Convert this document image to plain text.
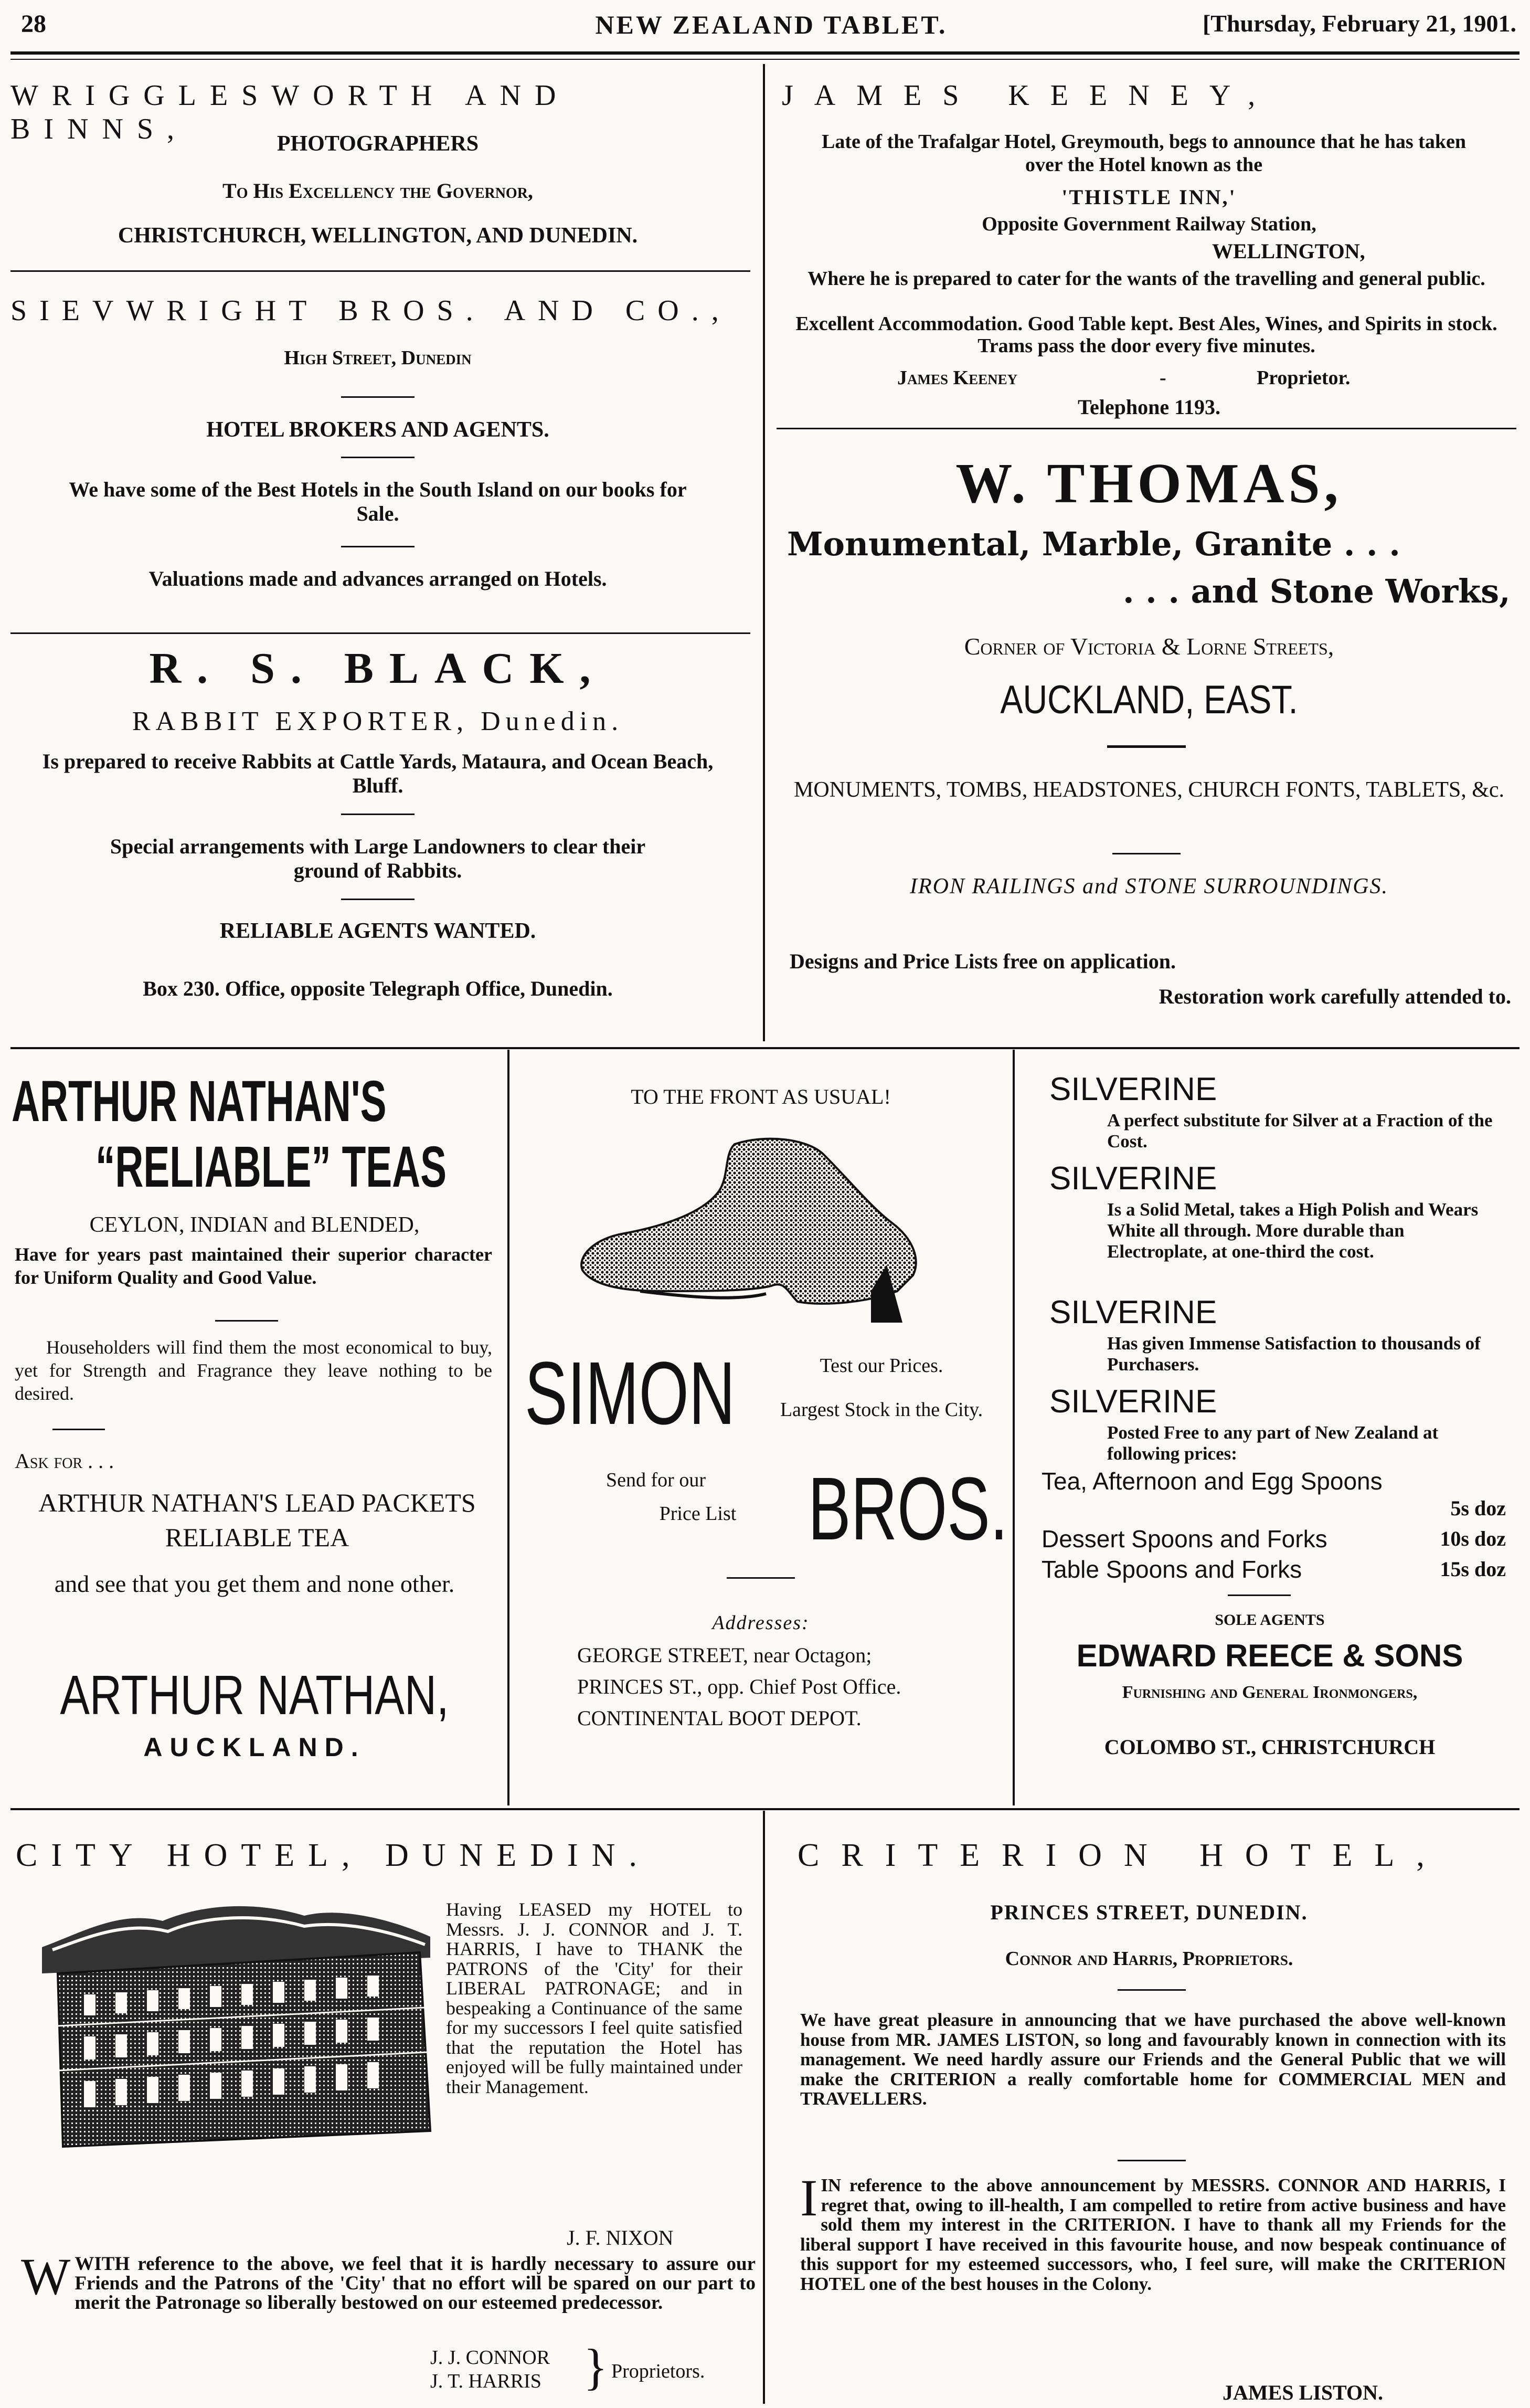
28	NEW ZEALAND TABLET.	[Thursday, February 21, 1901.
WRIGGLESWORTH AND BINNS,	PHOTOGRAPHERS
To His Excellency the Governor,
CHRISTCHURCH, WELLINGTON, AND DUNEDIN.
SIEVWRIGHT BROS. AND CO.,
High Street, Dunedin
HOTEL BROKERS AND AGENTS.
We have some of the Best Hotels in the South Island on our books for Sale.
Valuations made and advances arranged on Hotels.
R. S. BLACK,
RABBIT EXPORTER, Dunedin.
Is prepared to receive Rabbits at Cattle Yards, Mataura, and Ocean Beach, Bluff.
Special arrangements with Large Landowners to clear their ground of Rabbits.
RELIABLE AGENTS WANTED.
Box 230. Office, opposite Telegraph Office, Dunedin.
JAMES KEENEY,
Late of the Trafalgar Hotel, Greymouth, begs to announce that he has taken over the Hotel known as the
'THISTLE INN,'
Opposite Government Railway Station,
WELLINGTON,
Where he is prepared to cater for the wants of the travelling and general public.
Excellent Accommodation. Good Table kept. Best Ales, Wines, and Spirits in stock. Trams pass the door every five minutes.
James Keeney	-	Proprietor.
Telephone 1193.
W. THOMAS,
Monumental, Marble, Granite . . .
. . . and Stone Works,
Corner of Victoria & Lorne Streets,
AUCKLAND, EAST.
MONUMENTS, TOMBS, HEADSTONES, CHURCH FONTS, TABLETS, &c.
IRON RAILINGS and STONE SURROUNDINGS.
Designs and Price Lists free on application.
Restoration work carefully attended to.
ARTHUR NATHAN'S
“RELIABLE” TEAS
CEYLON, INDIAN and BLENDED,
Have for years past maintained their superior character for Uniform Quality and Good Value.
Householders will find them the most economical to buy, yet for Strength and Fragrance they leave nothing to be desired.
Ask for . . .
ARTHUR NATHAN'S LEAD PACKETS RELIABLE TEA
and see that you get them and none other.
ARTHUR NATHAN,
AUCKLAND.
TO THE FRONT AS USUAL!
SIMON	Test our Prices.
Largest Stock in the City.
Send for our
Price List BROS.
Addresses:
GEORGE STREET, near Octagon;
PRINCES ST., opp. Chief Post Office.
CONTINENTAL BOOT DEPOT.
SILVERINE
A perfect substitute for Silver at a Fraction of the Cost.
SILVERINE
Is a Solid Metal, takes a High Polish and Wears White all through. More durable than Electroplate, at one-third the cost.
SILVERINE
Has given Immense Satisfaction to thousands of Purchasers.
SILVERINE
Posted Free to any part of New Zealand at following prices:
Tea, Afternoon and Egg Spoons
5s doz
Dessert Spoons and Forks	10s doz
Table Spoons and Forks	15s doz
SOLE AGENTS
EDWARD REECE & SONS
Furnishing and General Ironmongers,
COLOMBO ST., CHRISTCHURCH
CITY HOTEL, DUNEDIN.
Having LEASED my HOTEL to Messrs. J. J. CONNOR and J. T. HARRIS, I have to THANK the PATRONS of the 'City' for their LIBERAL PATRONAGE; and in bespeaking a Continuance of the same for my successors I feel quite satisfied that the reputation the Hotel has enjoyed will be fully maintained under their Management.
J. F. NIXON
W WITH reference to the above, we feel that it is hardly necessary to assure our Friends and the Patrons of the 'City' that no effort will be spared on our part to merit the Patronage so liberally bestowed on our esteemed predecessor.
J. J. CONNOR
J. T. HARRIS } Proprietors.
CRITERION HOTEL,
PRINCES STREET, DUNEDIN.
Connor and Harris, Proprietors.
We have great pleasure in announcing that we have purchased the above well-known house from MR. JAMES LISTON, so long and favourably known in connection with its management. We need hardly assure our Friends and the General Public that we will make the CRITERION a really comfortable home for COMMERCIAL MEN and TRAVELLERS.
I IN reference to the above announcement by MESSRS. CONNOR AND HARRIS, I regret that, owing to ill-health, I am compelled to retire from active business and have sold them my interest in the CRITERION. I have to thank all my Friends for the liberal support I have received in this favourite house, and now bespeak continuance of this support for my esteemed successors, who, I feel sure, will make the CRITERION HOTEL one of the best houses in the Colony.
JAMES LISTON.
